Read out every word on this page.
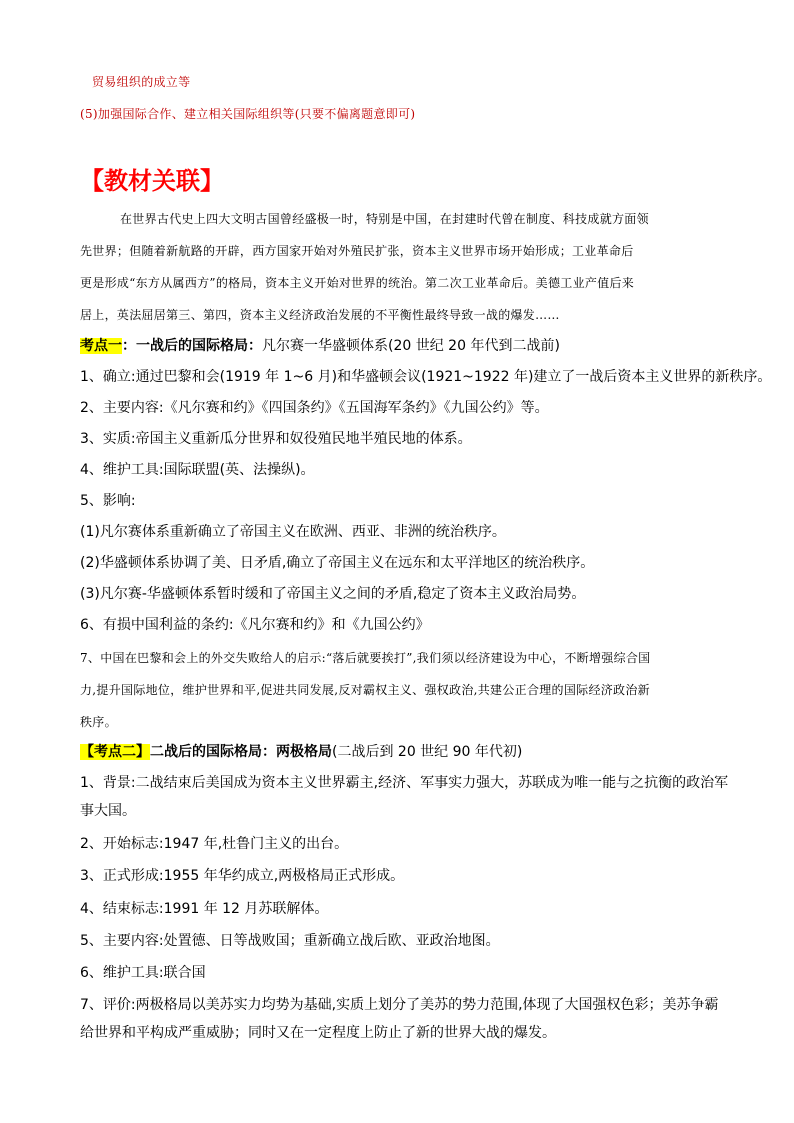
贸易组织的成立等
(5)加强国际合作、建立相关国际组织等(只要不偏离题意即可)
【教材关联】
在世界古代史上四大文明古国曾经盛极一时，特别是中国，在封建时代曾在制度、科技成就方面领
先世界；但随着新航路的开辟，西方国家开始对外殖民扩张，资本主义世界市场开始形成；工业革命后
更是形成“东方从属西方”的格局，资本主义开始对世界的统治。第二次工业革命后。美德工业产值后来
居上，英法屈居第三、第四，资本主义经济政治发展的不平衡性最终导致一战的爆发……
考点一：一战后的国际格局：凡尔赛一华盛顿体系(20 世纪 20 年代到二战前)
1、确立:通过巴黎和会(1919 年 1~6 月)和华盛顿会议(1921~1922 年)建立了一战后资本主义世界的新秩序。
2、主要内容:《凡尔赛和约》《四国条约》《五国海军条约》《九国公约》等。
3、实质:帝国主义重新瓜分世界和奴役殖民地半殖民地的体系。
4、维护工具:国际联盟(英、法操纵)。
5、影响:
(1)凡尔赛体系重新确立了帝国主义在欧洲、西亚、非洲的统治秩序。
(2)华盛顿体系协调了美、日矛盾,确立了帝国主义在远东和太平洋地区的统治秩序。
(3)凡尔赛-华盛顿体系暂时缓和了帝国主义之间的矛盾,稳定了资本主义政治局势。
6、有损中国利益的条约:《凡尔赛和约》和《九国公约》
7、中国在巴黎和会上的外交失败给人的启示:“落后就要挨打”,我们须以经济建设为中心，不断增强综合国
力,提升国际地位，维护世界和平,促进共同发展,反对霸权主义、强权政治,共建公正合理的国际经济政治新
秩序。
【考点二】二战后的国际格局：两极格局(二战后到 20 世纪 90 年代初)
1、背景:二战结束后美国成为资本主义世界霸主,经济、军事实力强大，苏联成为唯一能与之抗衡的政治军
事大国。
2、开始标志:1947 年,杜鲁门主义的出台。
3、正式形成:1955 年华约成立,两极格局正式形成。
4、结束标志:1991 年 12 月苏联解体。
5、主要内容:处置德、日等战败国；重新确立战后欧、亚政治地图。
6、维护工具:联合国
7、评价:两极格局以美苏实力均势为基础,实质上划分了美苏的势力范围,体现了大国强权色彩；美苏争霸
给世界和平构成严重威胁；同时又在一定程度上防止了新的世界大战的爆发。
